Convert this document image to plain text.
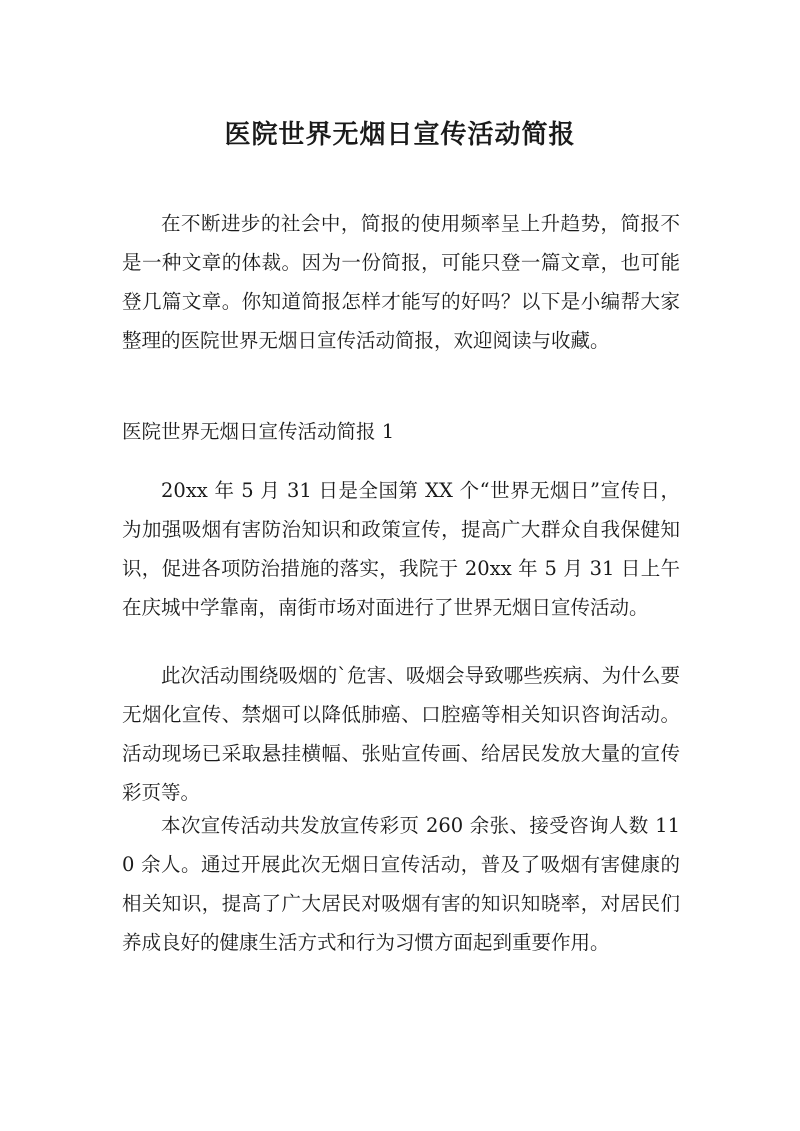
医院世界无烟日宣传活动简报

在不断进步的社会中，简报的使用频率呈上升趋势，简报不是一种文章的体裁。因为一份简报，可能只登一篇文章，也可能登几篇文章。你知道简报怎样才能写的好吗？以下是小编帮大家整理的医院世界无烟日宣传活动简报，欢迎阅读与收藏。

医院世界无烟日宣传活动简报 1

20xx 年 5 月 31 日是全国第 XX 个“世界无烟日”宣传日，为加强吸烟有害防治知识和政策宣传，提高广大群众自我保健知识，促进各项防治措施的落实，我院于 20xx 年 5 月 31 日上午在庆城中学靠南，南街市场对面进行了世界无烟日宣传活动。

此次活动围绕吸烟的`危害、吸烟会导致哪些疾病、为什么要无烟化宣传、禁烟可以降低肺癌、口腔癌等相关知识咨询活动。活动现场已采取悬挂横幅、张贴宣传画、给居民发放大量的宣传彩页等。

本次宣传活动共发放宣传彩页 260 余张、接受咨询人数 110 余人。通过开展此次无烟日宣传活动，普及了吸烟有害健康的相关知识，提高了广大居民对吸烟有害的知识知晓率，对居民们养成良好的健康生活方式和行为习惯方面起到重要作用。
